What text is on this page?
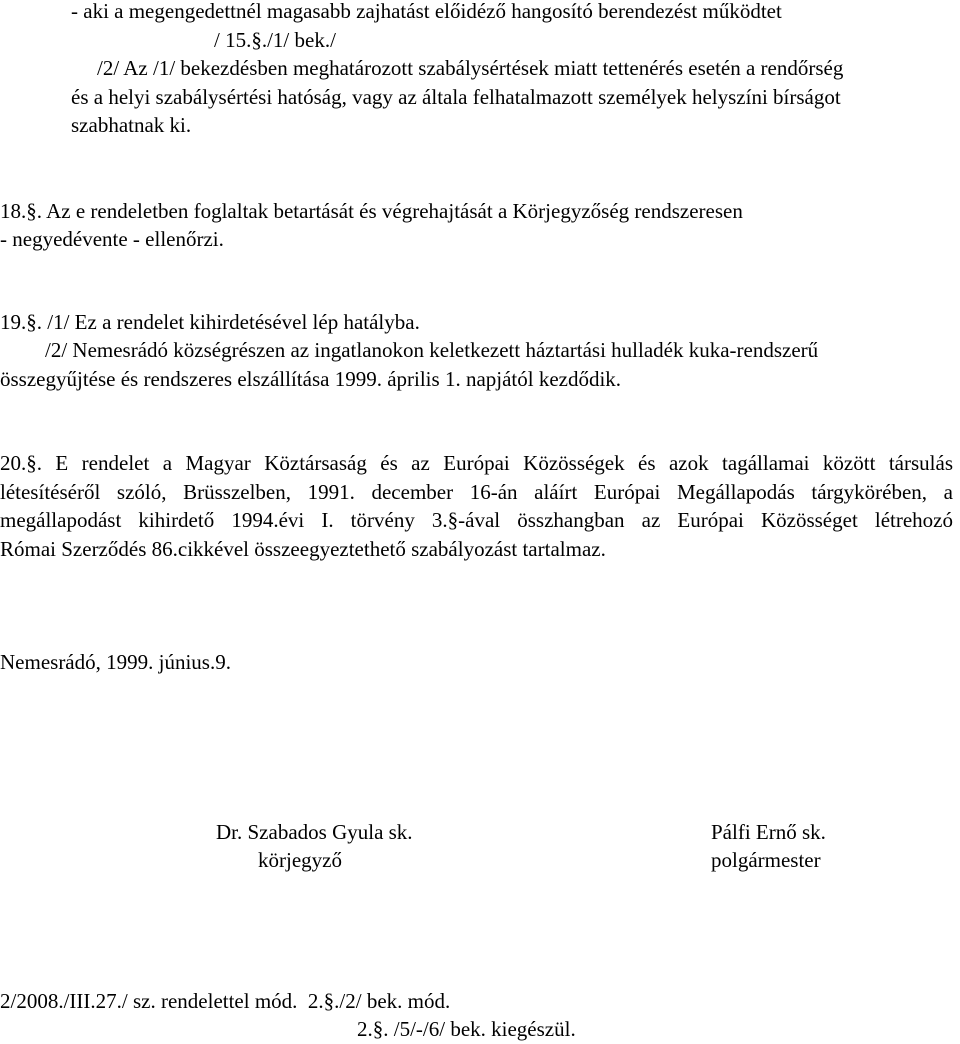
- aki a megengedettnél magasabb zajhatást előidéző hangosító berendezést működtet
/ 15.§./1/ bek./
/2/ Az /1/ bekezdésben meghatározott szabálysértések miatt tettenérés esetén a rendőrség
és a helyi szabálysértési hatóság, vagy az általa felhatalmazott személyek helyszíni bírságot
szabhatnak ki.
18.§. Az e rendeletben foglaltak betartását és végrehajtását a Körjegyzőség rendszeresen
- negyedévente - ellenőrzi.
19.§. /1/ Ez a rendelet kihirdetésével lép hatályba.
/2/ Nemesrádó községrészen az ingatlanokon keletkezett háztartási hulladék kuka-rendszerű
összegyűjtése és rendszeres elszállítása 1999. április 1. napjától kezdődik.
20.§. E rendelet a Magyar Köztársaság és az Európai Közösségek és azok tagállamai között társulás
létesítéséről szóló, Brüsszelben, 1991. december 16-án aláírt Európai Megállapodás tárgykörében, a
megállapodást kihirdető 1994.évi I. törvény 3.§-ával összhangban az Európai Közösséget létrehozó
Római Szerződés 86.cikkével összeegyeztethető szabályozást tartalmaz.
Nemesrádó, 1999. június.9.
Dr. Szabados Gyula sk.
körjegyző
Pálfi Ernő sk.
polgármester
2/2008./III.27./ sz. rendelettel mód.  2.§./2/ bek. mód.
2.§. /5/-/6/ bek. kiegészül.
